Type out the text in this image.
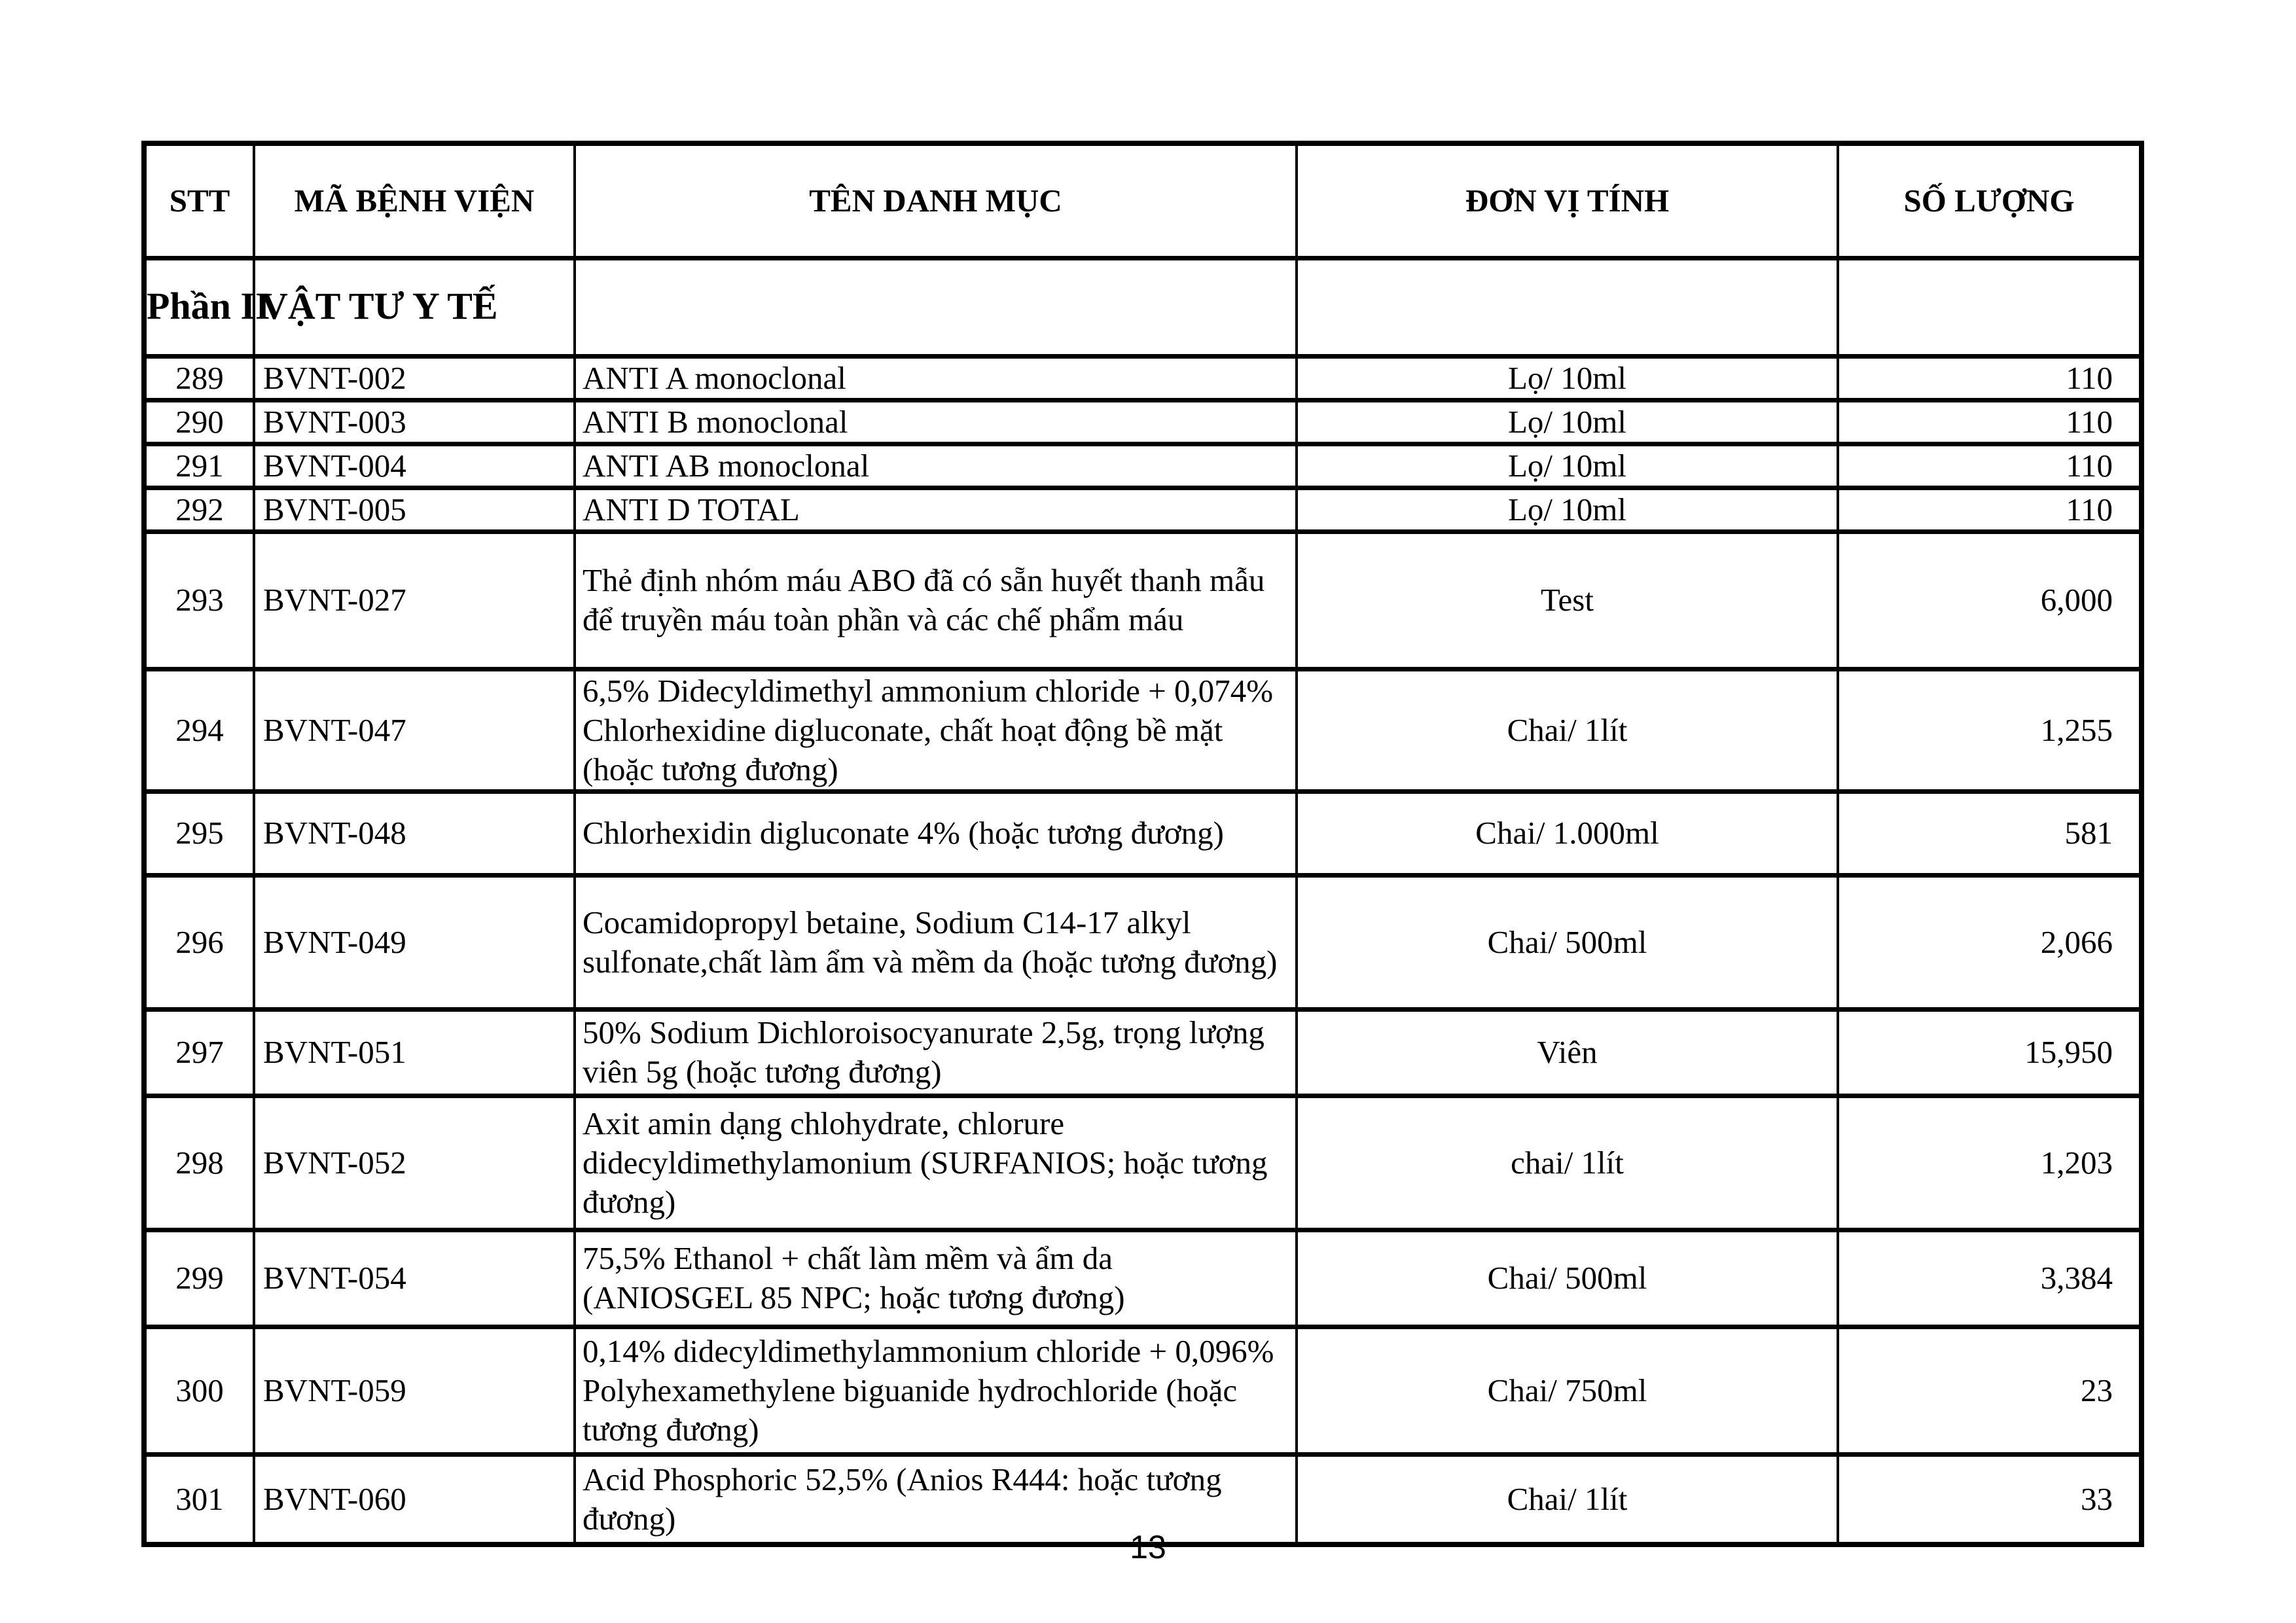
STT	MÃ BỆNH VIỆN	TÊN DANH MỤC	ĐƠN VỊ TÍNH	SỐ LƯỢNG
Phần II	VẬT TƯ Y TẾ			
289	BVNT-002	ANTI A monoclonal	Lọ/ 10ml	110
290	BVNT-003	ANTI B monoclonal	Lọ/ 10ml	110
291	BVNT-004	ANTI AB monoclonal	Lọ/ 10ml	110
292	BVNT-005	ANTI D TOTAL	Lọ/ 10ml	110
293	BVNT-027	Thẻ định nhóm máu ABO đã có sẵn huyết thanh mẫu để truyền máu toàn phần và các chế phẩm máu	Test	6,000
294	BVNT-047	6,5% Didecyldimethyl ammonium chloride + 0,074% Chlorhexidine digluconate, chất hoạt động bề mặt (hoặc tương đương)	Chai/ 1lít	1,255
295	BVNT-048	Chlorhexidin digluconate 4% (hoặc tương đương)	Chai/ 1.000ml	581
296	BVNT-049	Cocamidopropyl betaine, Sodium C14-17 alkyl sulfonate,chất làm ẩm và mềm da (hoặc tương đương)	Chai/ 500ml	2,066
297	BVNT-051	50% Sodium Dichloroisocyanurate 2,5g, trọng lượng viên 5g (hoặc tương đương)	Viên	15,950
298	BVNT-052	Axit amin dạng chlohydrate, chlorure didecyldimethylamonium (SURFANIOS; hoặc tương đương)	chai/ 1lít	1,203
299	BVNT-054	75,5% Ethanol + chất làm mềm và ẩm da (ANIOSGEL 85 NPC; hoặc tương đương)	Chai/ 500ml	3,384
300	BVNT-059	0,14% didecyldimethylammonium chloride + 0,096% Polyhexamethylene biguanide hydrochloride (hoặc tương đương)	Chai/ 750ml	23
301	BVNT-060	Acid Phosphoric 52,5% (Anios R444: hoặc tương đương)	Chai/ 1lít	33
13
